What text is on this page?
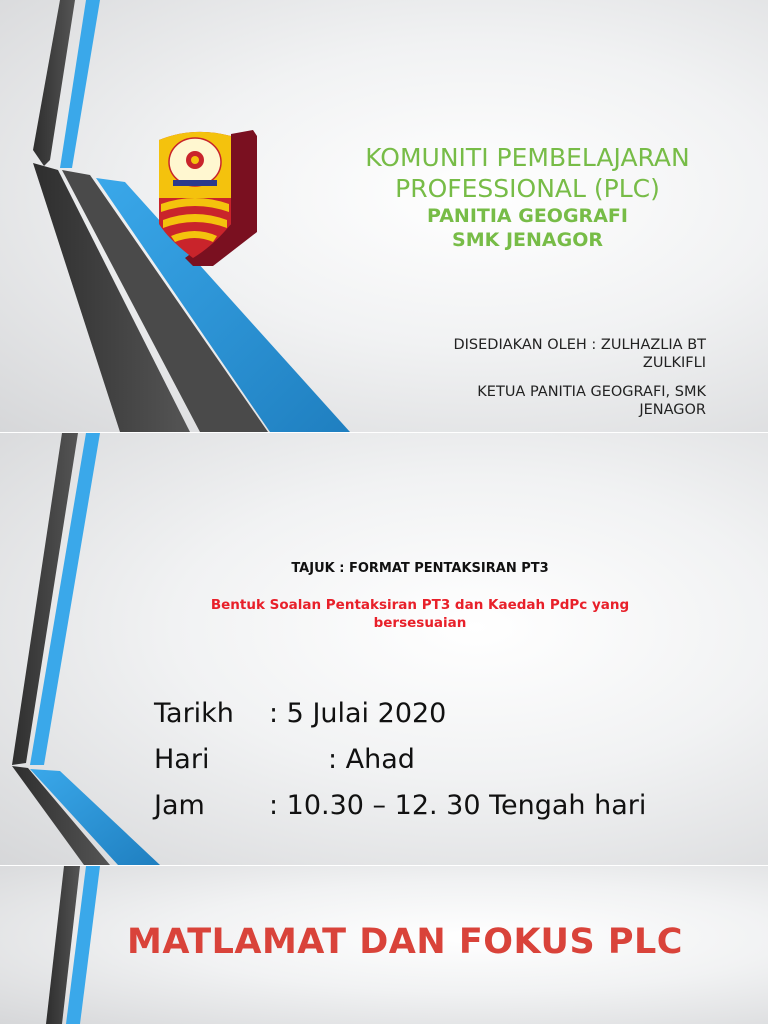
KOMUNITI PEMBELAJARAN
PROFESSIONAL (PLC)
PANITIA GEOGRAFI
SMK JENAGOR
DISEDIAKAN OLEH : ZULHAZLIA BT
ZULKIFLI
KETUA PANITIA GEOGRAFI, SMK
JENAGOR
TAJUK : FORMAT PENTAKSIRAN PT3
Bentuk Soalan Pentaksiran PT3 dan Kaedah PdPc yang
bersesuaian
Tarikh : 5 Julai 2020
Hari	: Ahad
Jam : 10.30 – 12. 30 Tengah hari
MATLAMAT DAN FOKUS PLC
